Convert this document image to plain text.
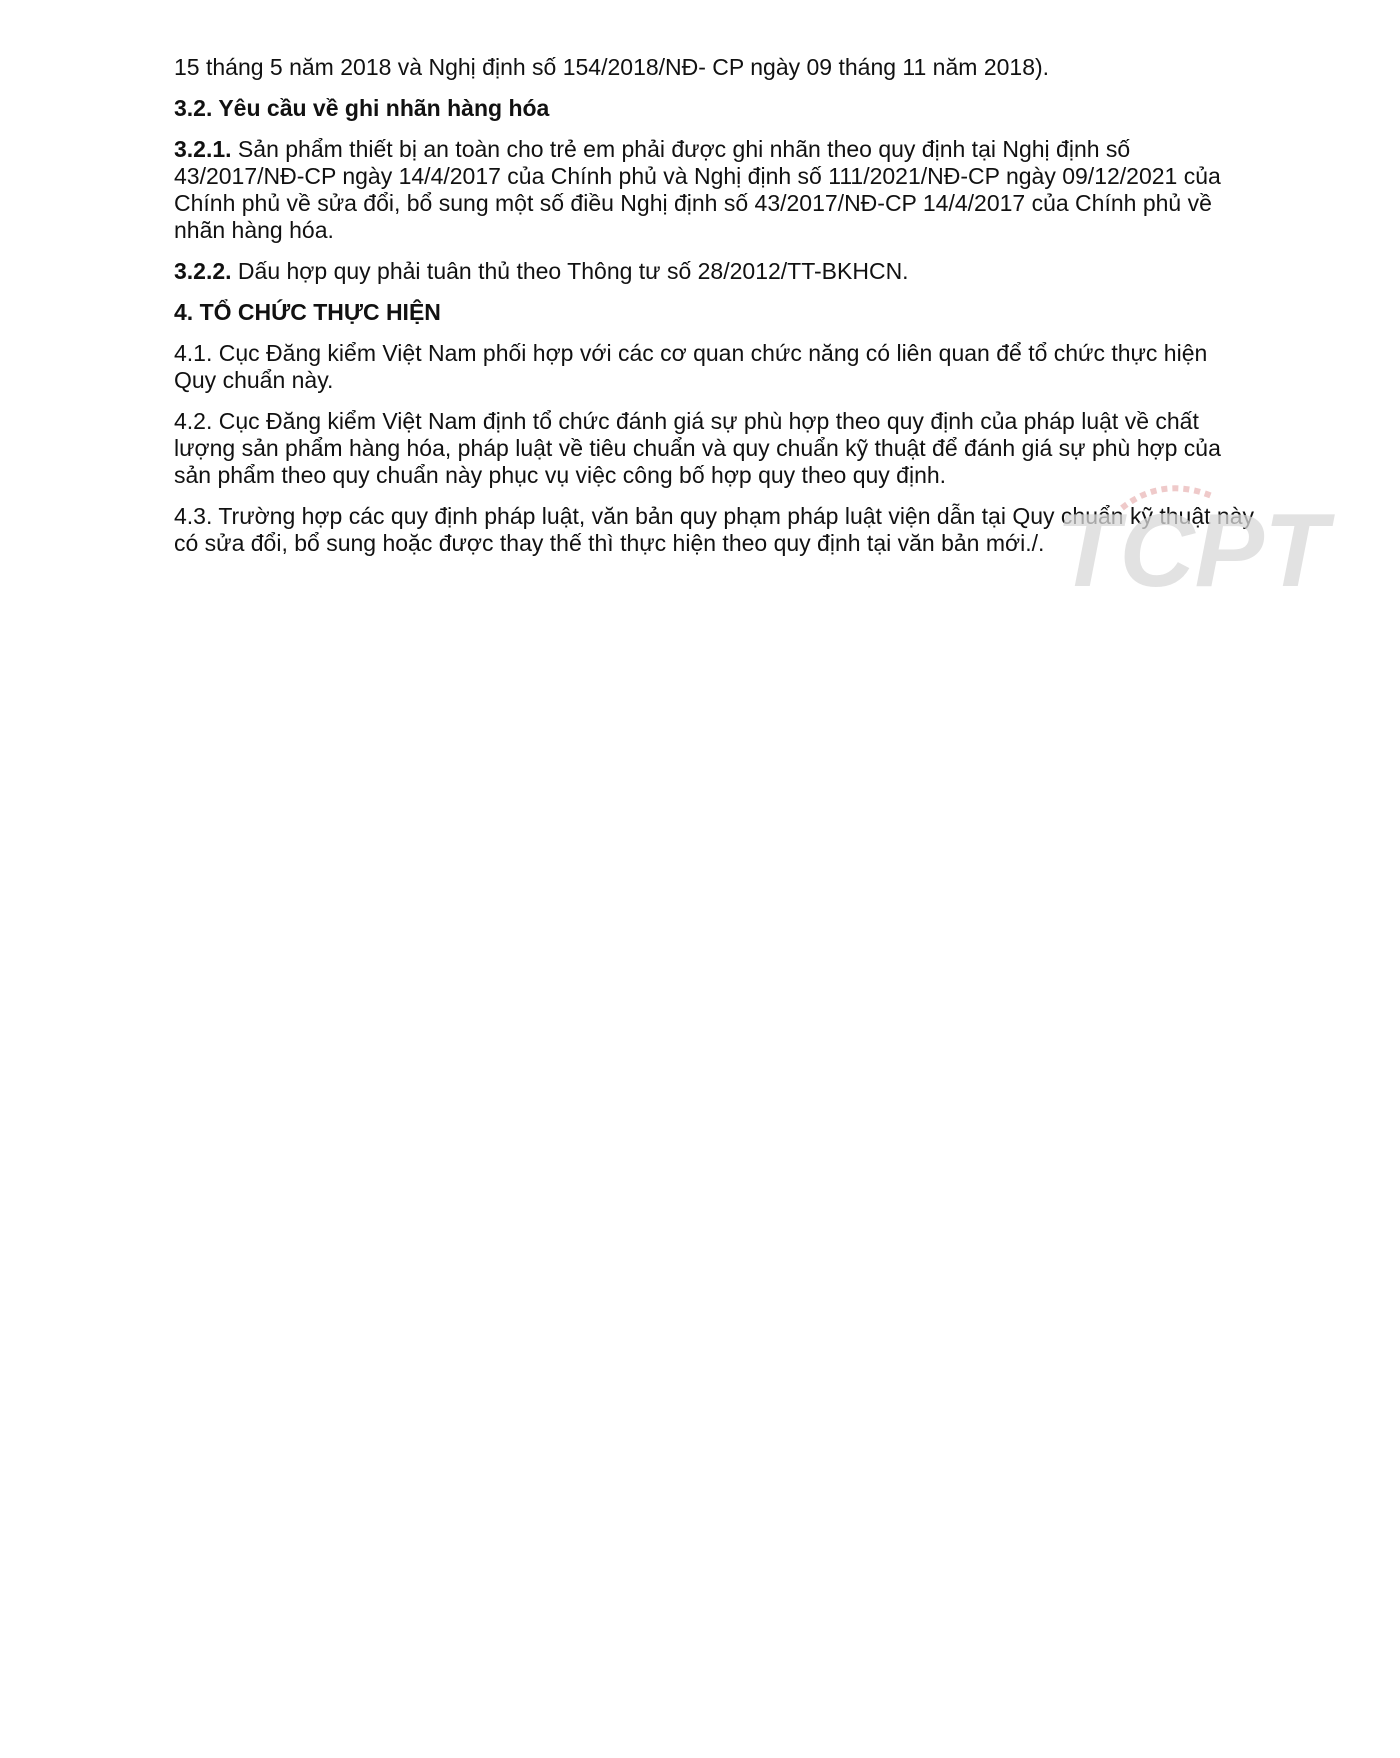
15 tháng 5 năm 2018 và Nghị định số 154/2018/NĐ- CP ngày 09 tháng 11 năm 2018).

3.2. Yêu cầu về ghi nhãn hàng hóa

3.2.1. Sản phẩm thiết bị an toàn cho trẻ em phải được ghi nhãn theo quy định tại Nghị định số 43/2017/NĐ-CP ngày 14/4/2017 của Chính phủ và Nghị định số 111/2021/NĐ-CP ngày 09/12/2021 của Chính phủ về sửa đổi, bổ sung một số điều Nghị định số 43/2017/NĐ-CP 14/4/2017 của Chính phủ về nhãn hàng hóa.

3.2.2. Dấu hợp quy phải tuân thủ theo Thông tư số 28/2012/TT-BKHCN.

4. TỔ CHỨC THỰC HIỆN

4.1. Cục Đăng kiểm Việt Nam phối hợp với các cơ quan chức năng có liên quan để tổ chức thực hiện Quy chuẩn này.

4.2. Cục Đăng kiểm Việt Nam định tổ chức đánh giá sự phù hợp theo quy định của pháp luật về chất lượng sản phẩm hàng hóa, pháp luật về tiêu chuẩn và quy chuẩn kỹ thuật để đánh giá sự phù hợp của sản phẩm theo quy chuẩn này phục vụ việc công bố hợp quy theo quy định.

4.3. Trường hợp các quy định pháp luật, văn bản quy phạm pháp luật viện dẫn tại Quy chuẩn kỹ thuật này có sửa đổi, bổ sung hoặc được thay thế thì thực hiện theo quy định tại văn bản mới./. TCPT
